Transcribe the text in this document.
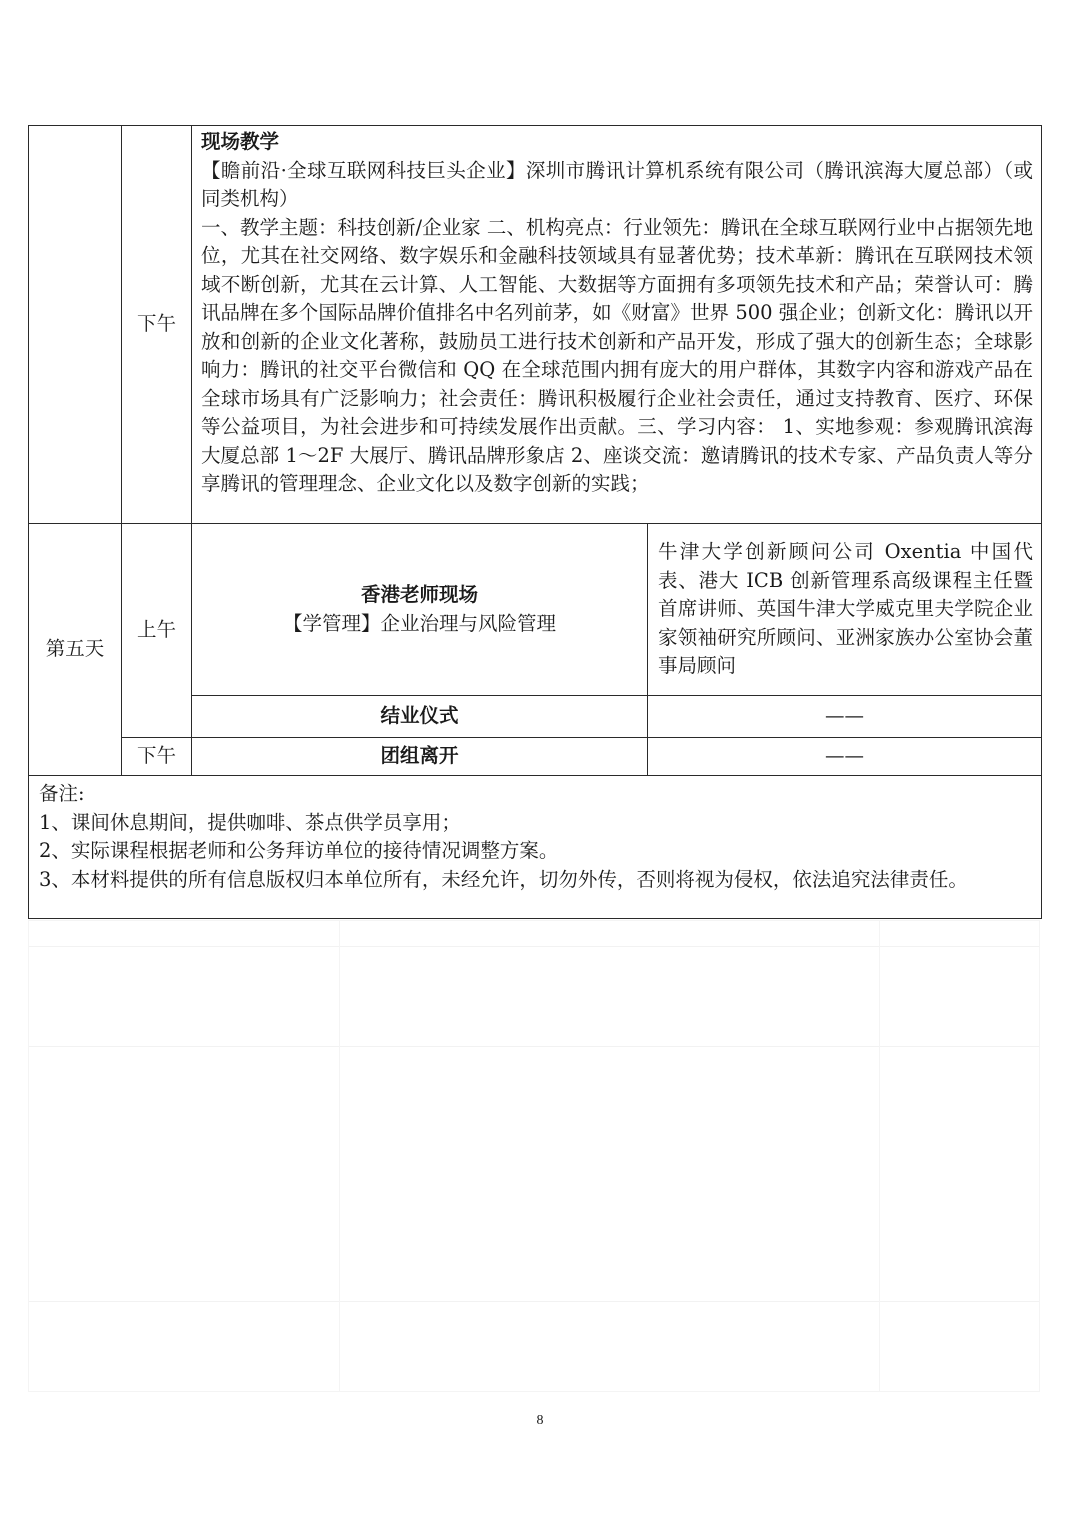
	下午	现场教学

【瞻前沿·全球互联网科技巨头企业】深圳市腾讯计算机系统有限公司（腾讯滨海大厦总部）（或同类机构）

一、教学主题：科技创新/企业家 二、机构亮点：行业领先：腾讯在全球互联网行业中占据领先地位，尤其在社交网络、数字娱乐和金融科技领域具有显著优势；技术革新：腾讯在互联网技术领域不断创新，尤其在云计算、人工智能、大数据等方面拥有多项领先技术和产品；荣誉认可：腾讯品牌在多个国际品牌价值排名中名列前茅，如《财富》世界 500 强企业；创新文化：腾讯以开放和创新的企业文化著称，鼓励员工进行技术创新和产品开发，形成了强大的创新生态；全球影响力：腾讯的社交平台微信和 QQ 在全球范围内拥有庞大的用户群体，其数字内容和游戏产品在全球市场具有广泛影响力；社会责任：腾讯积极履行企业社会责任，通过支持教育、医疗、环保等公益项目，为社会进步和可持续发展作出贡献。三、学习内容： 1、实地参观：参观腾讯滨海大厦总部 1～2F 大展厅、腾讯品牌形象店 2、座谈交流：邀请腾讯的技术专家、产品负责人等分享腾讯的管理理念、企业文化以及数字创新的实践；	

第五天	上午	香港老师现场
【学管理】企业治理与风险管理	牛津大学创新顾问公司 Oxentia 中国代表、港大 ICB 创新管理系高级课程主任暨首席讲师、英国牛津大学威克里夫学院企业家领袖研究所顾问、亚洲家族办公室协会董事局顾问
		结业仪式	——
	下午	团组离开	——

备注:

1、课间休息期间，提供咖啡、茶点供学员享用；

2、实际课程根据老师和公务拜访单位的接待情况调整方案。

3、本材料提供的所有信息版权归本单位所有，未经允许，切勿外传，否则将视为侵权，依法追究法律责任。			

8
